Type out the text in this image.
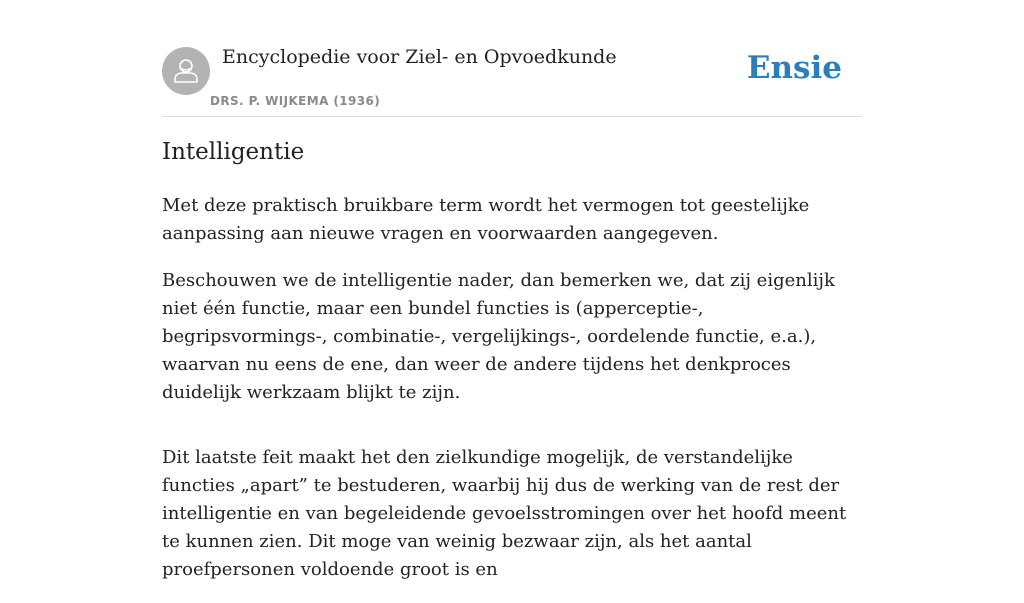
Encyclopedie voor Ziel- en Opvoedkunde
DRS. P. WIJKEMA (1936)
Ensie
Intelligentie

Met deze praktisch bruikbare term wordt het vermogen tot geestelijke aanpassing aan nieuwe vragen en voorwaarden aangegeven.

Beschouwen we de intelligentie nader, dan bemerken we, dat zij eigenlijk niet één functie, maar een bundel functies is (apperceptie-, begripsvormings-, combinatie-, vergelijkings-, oordelende functie, e.a.), waarvan nu eens de ene, dan weer de andere tijdens het denkproces duidelijk werkzaam blijkt te zijn.

Dit laatste feit maakt het den zielkundige mogelijk, de verstandelijke functies „apart” te bestuderen, waarbij hij dus de werking van de rest der intelligentie en van begeleidende gevoelsstromingen over het hoofd meent te kunnen zien. Dit moge van weinig bezwaar zijn, als het aantal proefpersonen voldoende groot is en
